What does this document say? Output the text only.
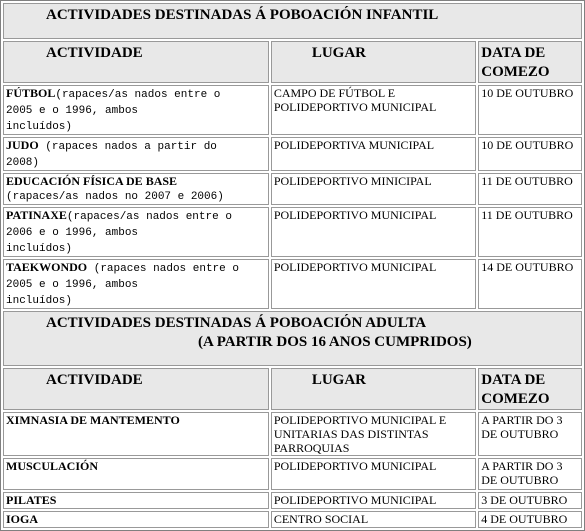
ACTIVIDADES DESTINADAS Á POBOACIÓN INFANTIL		
ACTIVIDADE	LUGAR	DATA DE
COMEZO
FÚTBOL(rapaces/as nados entre o
2005 e o 1996, ambos
incluídos)	CAMPO DE FÚTBOL E
POLIDEPORTIVO MUNICIPAL	10 DE OUTUBRO
JUDO (rapaces nados a partir do
2008)	POLIDEPORTIVA MUNICIPAL	10 DE OUTUBRO
EDUCACIÓN FÍSICA DE BASE
(rapaces/as nados no 2007 e 2006)	POLIDEPORTIVO MINICIPAL	11 DE OUTUBRO
PATINAXE(rapaces/as nados entre o
2006 e o 1996, ambos
incluídos)	POLIDEPORTIVO MUNICIPAL	11 DE OUTUBRO
TAEKWONDO (rapaces nados entre o
2005 e o 1996, ambos
incluídos)	POLIDEPORTIVO MUNICIPAL	14 DE OUTUBRO
ACTIVIDADES DESTINADAS Á POBOACIÓN ADULTA
(A PARTIR DOS 16 ANOS CUMPRIDOS)		

ACTIVIDADE	LUGAR	DATA DE
COMEZO
XIMNASIA DE MANTEMENTO	POLIDEPORTIVO MUNICIPAL E
UNITARIAS DAS DISTINTAS
PARROQUIAS	A PARTIR DO 3
DE OUTUBRO
MUSCULACIÓN	POLIDEPORTIVO MUNICIPAL	A PARTIR DO 3
DE OUTUBRO
PILATES	POLIDEPORTIVO MUNICIPAL	3 DE OUTUBRO
IOGA	CENTRO SOCIAL	4 DE OUTUBRO
